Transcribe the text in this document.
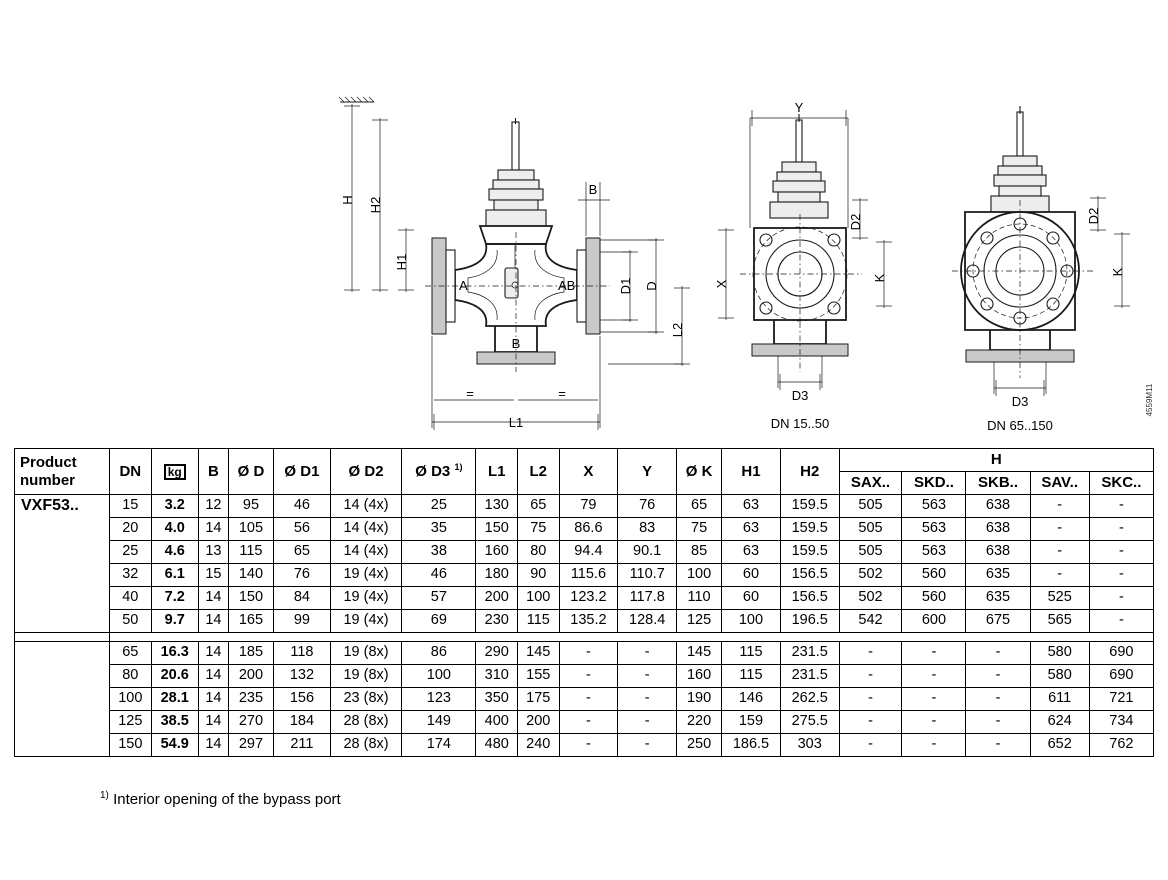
H H2
H1
A	AB
B
B
D1 D
L2
L1
=	=
Y
X
D2
K
D3
DN 15..50
D2
K
D3
DN 65..150
4559M11
Product
number	DN	kg	B	Ø D	Ø D1	Ø D2	Ø D3 $^{1)}$	L1	L2	X	Y	Ø K	H1	H2	H				
															SAX..	SKD..	SKB..	SAV..	SKC..
VXF53..	15	3.2	12	95	46	14 (4x)	25	130	65	79	76	65	63	159.5	505	563	638	-	-
	20	4.0	14	105	56	14 (4x)	35	150	75	86.6	83	75	63	159.5	505	563	638	-	-
	25	4.6	13	115	65	14 (4x)	38	160	80	94.4	90.1	85	63	159.5	505	563	638	-	-
	32	6.1	15	140	76	19 (4x)	46	180	90	115.6	110.7	100	60	156.5	502	560	635	-	-
	40	7.2	14	150	84	19 (4x)	57	200	100	123.2	117.8	110	60	156.5	502	560	635	525	-
	50	9.7	14	165	99	19 (4x)	69	230	115	135.2	128.4	125	100	196.5	542	600	675	565	-

	65	16.3	14	185	118	19 (8x)	86	290	145	-	-	145	115	231.5	-	-	-	580	690
	80	20.6	14	200	132	19 (8x)	100	310	155	-	-	160	115	231.5	-	-	-	580	690
	100	28.1	14	235	156	23 (8x)	123	350	175	-	-	190	146	262.5	-	-	-	611	721
	125	38.5	14	270	184	28 (8x)	149	400	200	-	-	220	159	275.5	-	-	-	624	734
	150	54.9	14	297	211	28 (8x)	174	480	240	-	-	250	186.5	303	-	-	-	652	762
$^{1)}$ Interior opening of the bypass port
